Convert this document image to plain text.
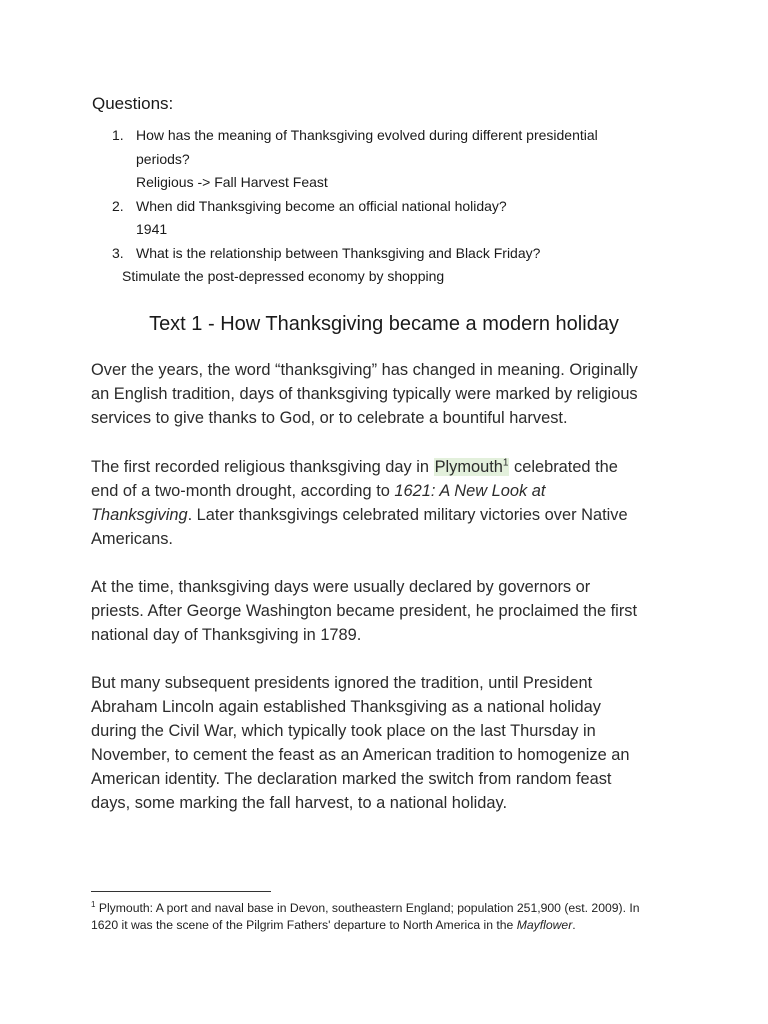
Questions:
1. How has the meaning of Thanksgiving evolved during different presidential
periods?
Religious -> Fall Harvest Feast
2. When did Thanksgiving become an official national holiday?
1941
3. What is the relationship between Thanksgiving and Black Friday?
Stimulate the post-depressed economy by shopping
Text 1 - How Thanksgiving became a modern holiday

Over the years, the word “thanksgiving” has changed in meaning. Originally
an English tradition, days of thanksgiving typically were marked by religious
services to give thanks to God, or to celebrate a bountiful harvest.

The first recorded religious thanksgiving day in Plymouth$^1$ celebrated the
end of a two-month drought, according to 1621: A New Look at
Thanksgiving. Later thanksgivings celebrated military victories over Native
Americans.

At the time, thanksgiving days were usually declared by governors or
priests. After George Washington became president, he proclaimed the first
national day of Thanksgiving in 1789.

But many subsequent presidents ignored the tradition, until President
Abraham Lincoln again established Thanksgiving as a national holiday
during the Civil War, which typically took place on the last Thursday in
November, to cement the feast as an American tradition to homogenize an
American identity. The declaration marked the switch from random feast
days, some marking the fall harvest, to a national holiday.

$^1$ Plymouth: A port and naval base in Devon, southeastern England; population 251,900 (est. 2009). In
1620 it was the scene of the Pilgrim Fathers' departure to North America in the Mayflower.
